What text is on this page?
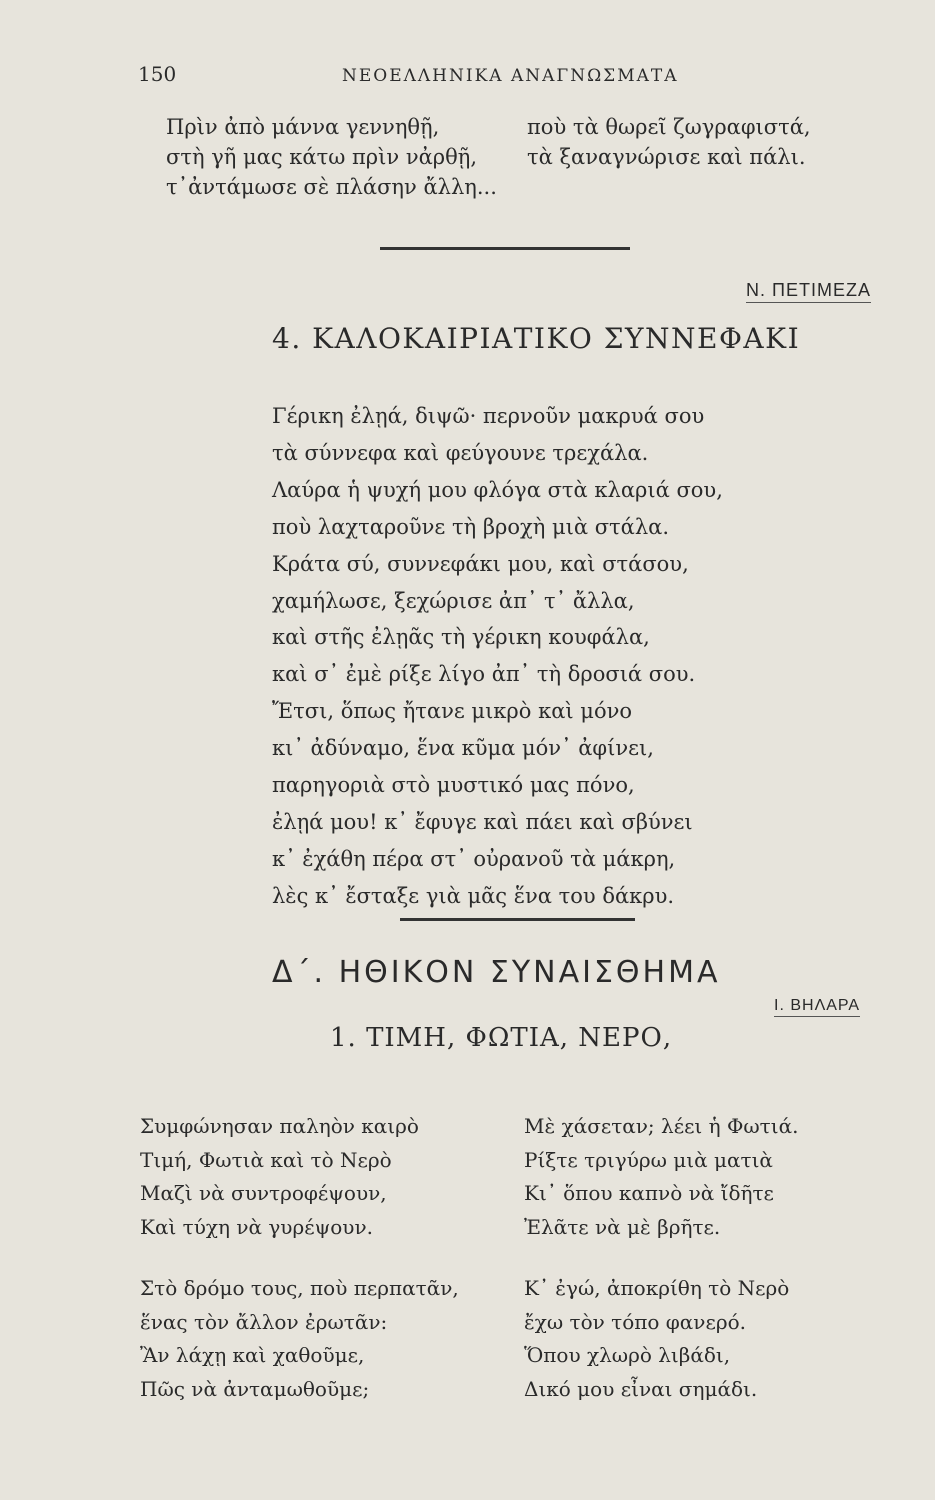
150	ΝΕΟΕΛΛΗΝΙΚΑ ΑΝΑΓΝΩΣΜΑΤΑ
Πρὶν ἀπὸ μάννα γεννηθῇ,
στὴ γῆ μας κάτω πρὶν νἀρθῇ,
τ᾽ἀντάμωσε σὲ πλάσην ἄλλη...
ποὺ τὰ θωρεῖ ζωγραφιστά,
τὰ ξαναγνώρισε καὶ πάλι.
Ν. ΠΕΤΙΜΕΖΑ
4. ΚΑΛΟΚΑΙΡΙΑΤΙΚΟ ΣΥΝΝΕΦΑΚΙ
Γέρικη ἐλῃά, διψῶ· περνοῦν μακρυά σου
τὰ σύννεφα καὶ φεύγουνε τρεχάλα.
Λαύρα ἡ ψυχή μου φλόγα στὰ κλαριά σου,
ποὺ λαχταροῦνε τὴ βροχὴ μιὰ στάλα.
Κράτα σύ, συννεφάκι μου, καὶ στάσου,
χαμήλωσε, ξεχώρισε ἀπ᾽ τ᾽ ἄλλα,
καὶ στῆς ἐλῃᾶς τὴ γέρικη κουφάλα,
καὶ σ᾽ ἐμὲ ρίξε λίγο ἀπ᾽ τὴ δροσιά σου.
Ἔτσι, ὅπως ἤτανε μικρὸ καὶ μόνο
κι᾽ ἀδύναμο, ἕνα κῦμα μόν᾽ ἀφίνει,
παρηγοριὰ στὸ μυστικό μας πόνο,
ἐλῃά μου! κ᾽ ἔφυγε καὶ πάει καὶ σβύνει
κ᾽ ἐχάθη πέρα στ᾽ οὐρανοῦ τὰ μάκρη,
λὲς κ᾽ ἔσταξε γιὰ μᾶς ἕνα του δάκρυ.
Δ΄. ΗΘΙΚΟΝ ΣΥΝΑΙΣΘΗΜΑ
Ι. ΒΗΛΑΡΑ
1. ΤΙΜΗ, ΦΩΤΙΑ, ΝΕΡΟ,
Συμφώνησαν παληὸν καιρὸ
Τιμή, Φωτιὰ καὶ τὸ Νερὸ
Μαζὶ νὰ συντροφέψουν,
Καὶ τύχη νὰ γυρέψουν.
Στὸ δρόμο τους, ποὺ περπατᾶν,
ἕνας τὸν ἄλλον ἐρωτᾶν:
Ἂν λάχῃ καὶ χαθοῦμε,
Πῶς νὰ ἀνταμωθοῦμε;
Μὲ χάσεταν; λέει ἡ Φωτιά.
Ρίξτε τριγύρω μιὰ ματιὰ
Κι᾽ ὅπου καπνὸ νὰ ἴδῆτε
Ἐλᾶτε νὰ μὲ βρῆτε.
Κ᾽ ἐγώ, ἀποκρίθη τὸ Νερὸ
ἔχω τὸν τόπο φανερό.
Ὅπου χλωρὸ λιβάδι,
Δικό μου εἶναι σημάδι.
